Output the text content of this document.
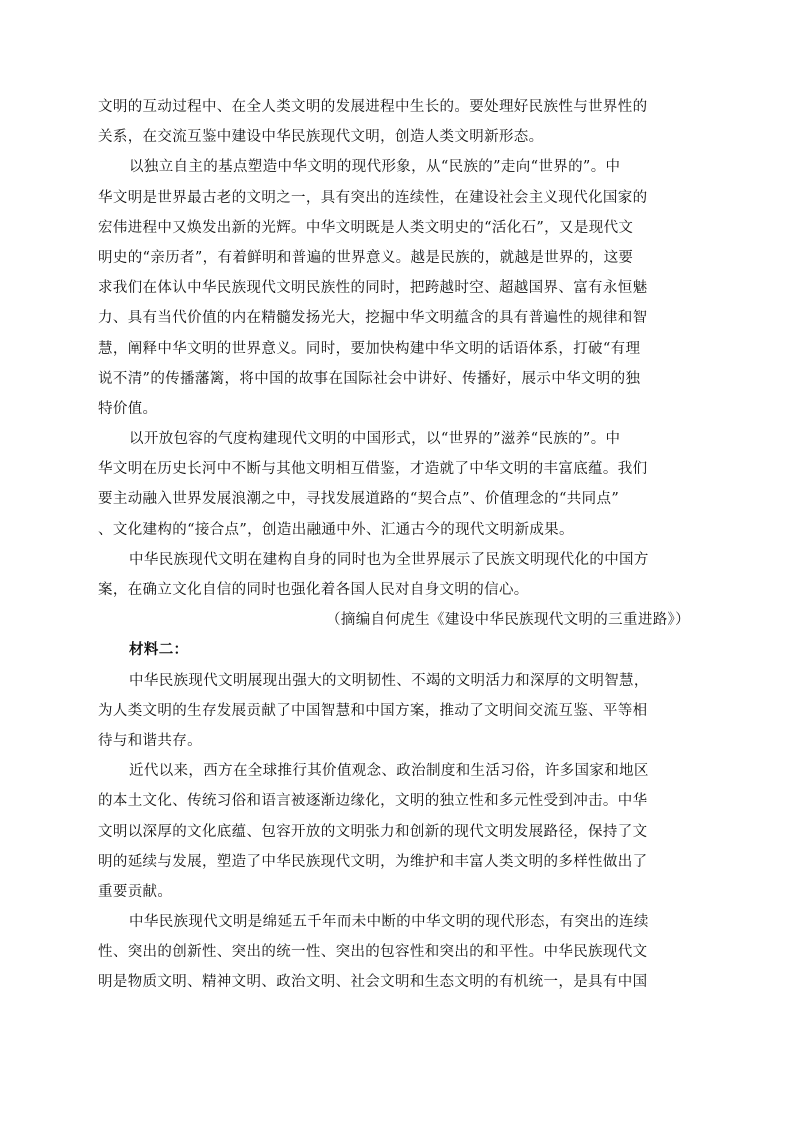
文明的互动过程中、在全人类文明的发展进程中生长的。要处理好民族性与世界性的
关系，在交流互鉴中建设中华民族现代文明，创造人类文明新形态。
以独立自主的基点塑造中华文明的现代形象，从“民族的”走向“世界的”。中
华文明是世界最古老的文明之一，具有突出的连续性，在建设社会主义现代化国家的
宏伟进程中又焕发出新的光辉。中华文明既是人类文明史的“活化石”，又是现代文
明史的“亲历者”，有着鲜明和普遍的世界意义。越是民族的，就越是世界的，这要
求我们在体认中华民族现代文明民族性的同时，把跨越时空、超越国界、富有永恒魅
力、具有当代价值的内在精髓发扬光大，挖掘中华文明蕴含的具有普遍性的规律和智
慧，阐释中华文明的世界意义。同时，要加快构建中华文明的话语体系，打破“有理
说不清”的传播藩篱，将中国的故事在国际社会中讲好、传播好，展示中华文明的独
特价值。
以开放包容的气度构建现代文明的中国形式，以“世界的”滋养“民族的”。中
华文明在历史长河中不断与其他文明相互借鉴，才造就了中华文明的丰富底蕴。我们
要主动融入世界发展浪潮之中，寻找发展道路的“契合点”、价值理念的“共同点”
、文化建构的“接合点”，创造出融通中外、汇通古今的现代文明新成果。
中华民族现代文明在建构自身的同时也为全世界展示了民族文明现代化的中国方
案，在确立文化自信的同时也强化着各国人民对自身文明的信心。
（摘编自何虎生《建设中华民族现代文明的三重进路》）
材料二：
中华民族现代文明展现出强大的文明韧性、不竭的文明活力和深厚的文明智慧，
为人类文明的生存发展贡献了中国智慧和中国方案，推动了文明间交流互鉴、平等相
待与和谐共存。
近代以来，西方在全球推行其价值观念、政治制度和生活习俗，许多国家和地区
的本土文化、传统习俗和语言被逐渐边缘化，文明的独立性和多元性受到冲击。中华
文明以深厚的文化底蕴、包容开放的文明张力和创新的现代文明发展路径，保持了文
明的延续与发展，塑造了中华民族现代文明，为维护和丰富人类文明的多样性做出了
重要贡献。
中华民族现代文明是绵延五千年而未中断的中华文明的现代形态，有突出的连续
性、突出的创新性、突出的统一性、突出的包容性和突出的和平性。中华民族现代文
明是物质文明、精神文明、政治文明、社会文明和生态文明的有机统一，是具有中国
